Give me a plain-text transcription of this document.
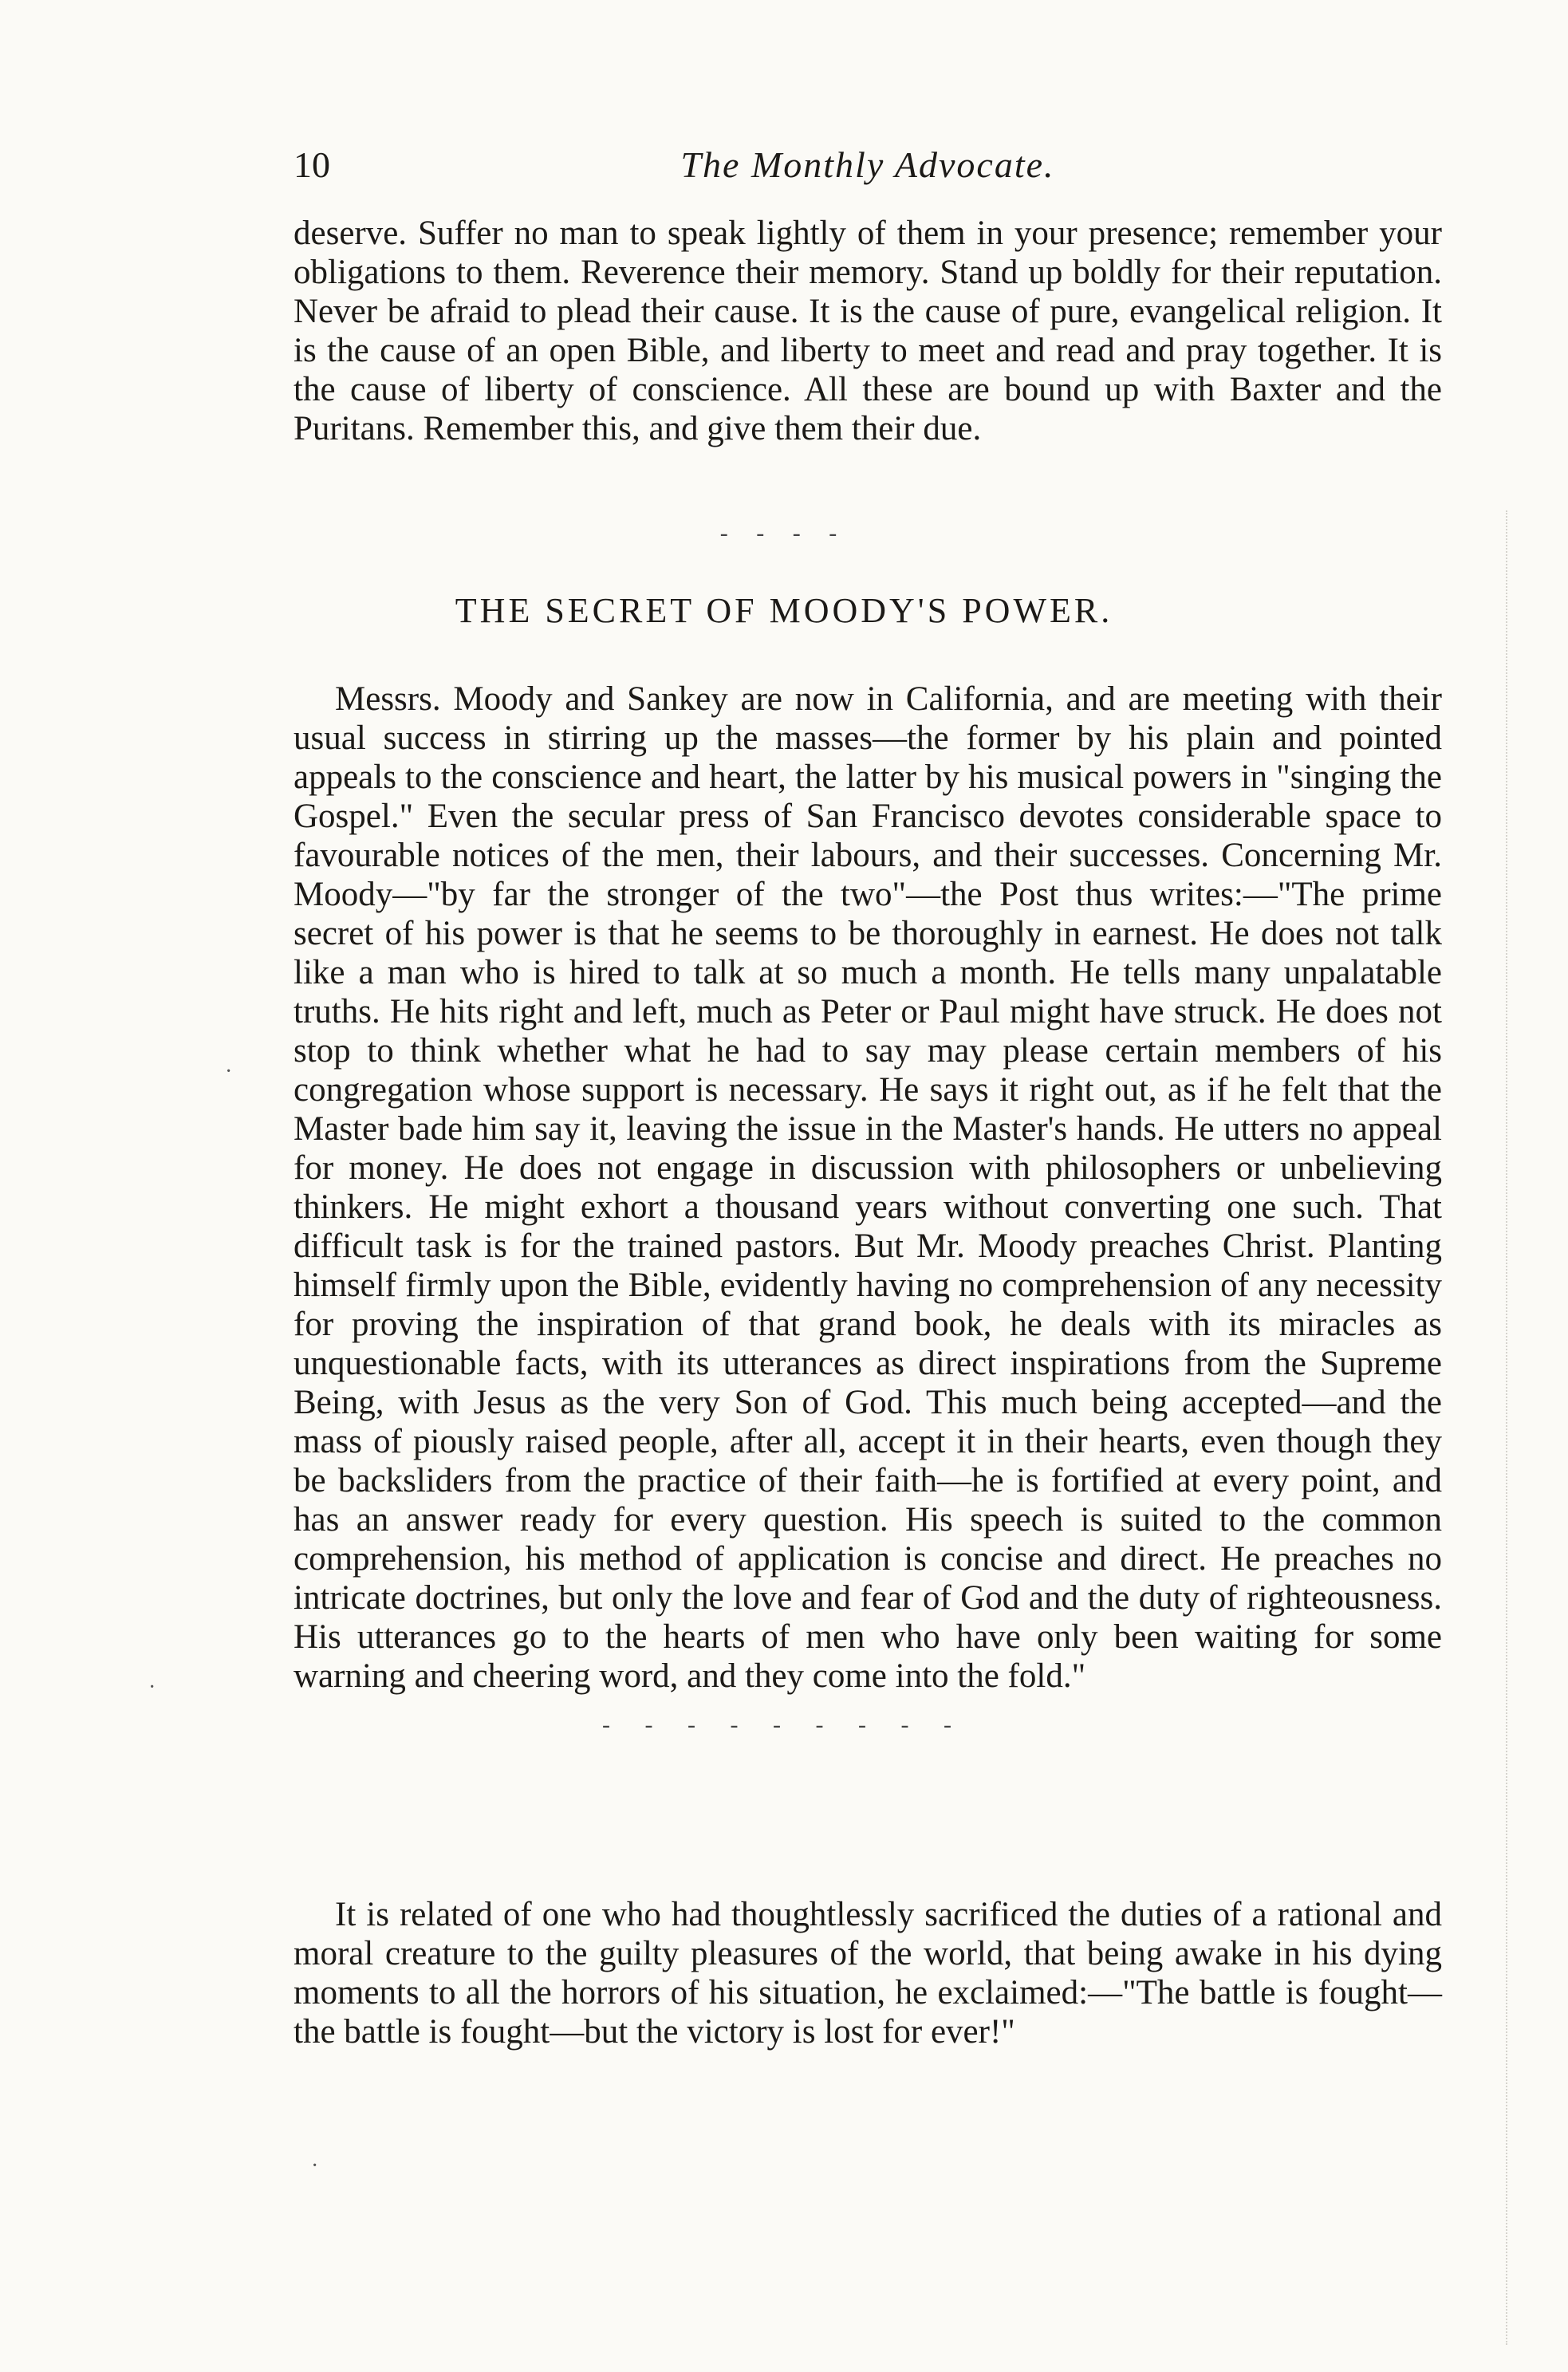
10	The Monthly Advocate.

deserve. Suffer no man to speak lightly of them in your presence; remember your obligations to them. Reverence their memory. Stand up boldly for their reputation. Never be afraid to plead their cause. It is the cause of pure, evangelical religion. It is the cause of an open Bible, and liberty to meet and read and pray together. It is the cause of liberty of conscience. All these are bound up with Baxter and the Puritans. Remember this, and give them their due.

- - - -
THE SECRET OF MOODY'S POWER.

Messrs. Moody and Sankey are now in California, and are meeting with their usual success in stirring up the masses—the former by his plain and pointed appeals to the conscience and heart, the latter by his musical powers in "singing the Gospel." Even the secular press of San Francisco devotes considerable space to favourable notices of the men, their labours, and their successes. Concerning Mr. Moody—"by far the stronger of the two"—the Post thus writes:—"The prime secret of his power is that he seems to be thoroughly in earnest. He does not talk like a man who is hired to talk at so much a month. He tells many unpalatable truths. He hits right and left, much as Peter or Paul might have struck. He does not stop to think whether what he had to say may please certain members of his congregation whose support is necessary. He says it right out, as if he felt that the Master bade him say it, leaving the issue in the Master's hands. He utters no appeal for money. He does not engage in discussion with philosophers or unbelieving thinkers. He might exhort a thousand years without converting one such. That difficult task is for the trained pastors. But Mr. Moody preaches Christ. Planting himself firmly upon the Bible, evidently having no comprehension of any necessity for proving the inspiration of that grand book, he deals with its miracles as unquestionable facts, with its utterances as direct inspirations from the Supreme Being, with Jesus as the very Son of God. This much being accepted—and the mass of piously raised people, after all, accept it in their hearts, even though they be backsliders from the practice of their faith—he is fortified at every point, and has an answer ready for every question. His speech is suited to the common comprehension, his method of application is concise and direct. He preaches no intricate doctrines, but only the love and fear of God and the duty of righteousness. His utterances go to the hearts of men who have only been waiting for some warning and cheering word, and they come into the fold."

- - - - - - - - -

It is related of one who had thoughtlessly sacrificed the duties of a rational and moral creature to the guilty pleasures of the world, that being awake in his dying moments to all the horrors of his situation, he exclaimed:—"The battle is fought—the battle is fought—but the victory is lost for ever!"

·
·
·
